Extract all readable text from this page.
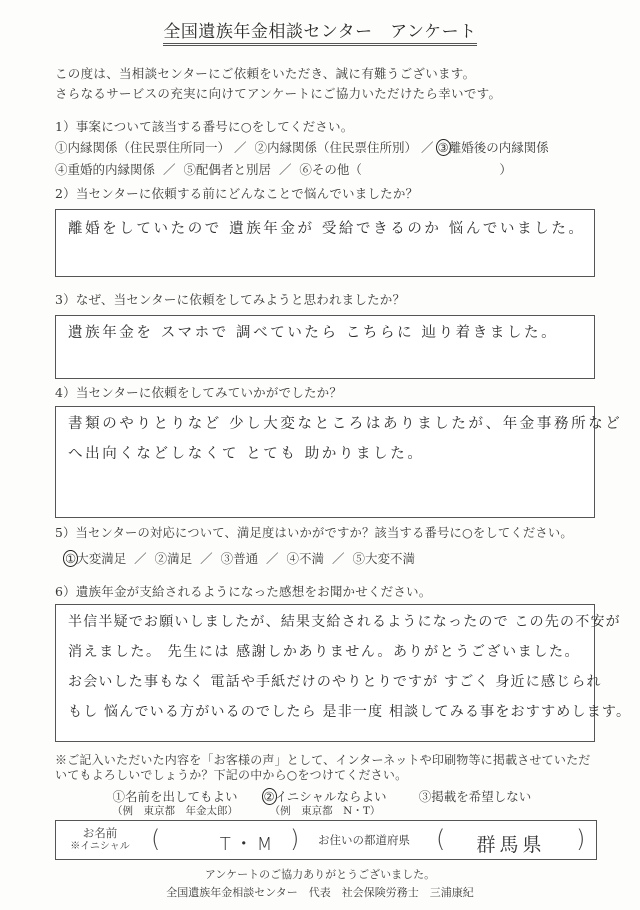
全国遺族年金相談センター　アンケート
この度は、当相談センターにご依頼をいただき、誠に有難うございます。
さらなるサービスの充実に向けてアンケートにご協力いただけたら幸いです。
1）事案について該当する番号に○をしてください。
①内縁関係（住民票住所同一） ／ ②内縁関係（住民票住所別） ／ ③離婚後の内縁関係
④重婚的内縁関係 ／ ⑤配偶者と別居 ／ ⑥その他（　　　　　　　　　　　）
2）当センターに依頼する前にどんなことで悩んでいましたか？
離婚をしていたので 遺族年金が 受給できるのか 悩んでいました。
3）なぜ、当センターに依頼をしてみようと思われましたか？
遺族年金を スマホで 調べていたら こちらに 辿り着きました。
4）当センターに依頼をしてみていかがでしたか？
書類のやりとりなど 少し大変なところはありましたが、年金事務所など
へ出向くなどしなくて とても 助かりました。
5）当センターの対応について、満足度はいかがですか？該当する番号に○をしてください。
①大変満足  ／  ②満足  ／  ③普通  ／  ④不満  ／  ⑤大変不満
6）遺族年金が支給されるようになった感想をお聞かせください。
半信半疑でお願いしましたが、結果支給されるようになったので この先の不安が
消えました。 先生には 感謝しかありません。ありがとうございました。
お会いした事もなく 電話や手紙だけのやりとりですが すごく 身近に感じられ
もし 悩んでいる方がいるのでしたら 是非一度 相談してみる事をおすすめします。
※ご記入いただいた内容を「お客様の声」として、インターネットや印刷物等に掲載させていただ
いてもよろしいでしょうか？下記の中から○をつけてください。
①名前を出してもよい
（例　東京都　年金太郎）
②イニシャルならよい
（例　東京都　N・T）
③掲載を希望しない
お名前
※イニシャル (	T・M ) お住いの都道府県 (	群馬県	)
アンケートのご協力ありがとうございました。
全国遺族年金相談センター　代表　社会保険労務士　三浦康紀
